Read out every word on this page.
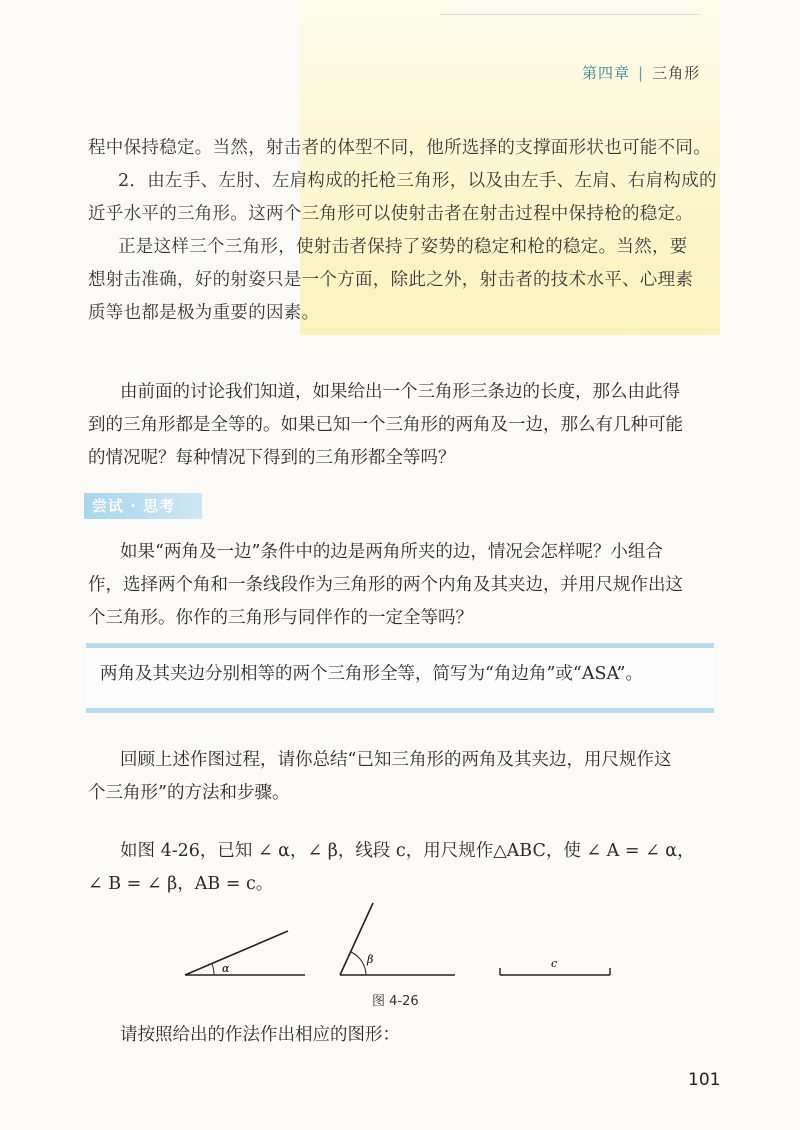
第四章 | 三角形

程中保持稳定。当然，射击者的体型不同，他所选择的支撑面形状也可能不同。

2．由左手、左肘、左肩构成的托枪三角形，以及由左手、左肩、右肩构成的

近乎水平的三角形。这两个三角形可以使射击者在射击过程中保持枪的稳定。

正是这样三个三角形，使射击者保持了姿势的稳定和枪的稳定。当然，要

想射击准确，好的射姿只是一个方面，除此之外，射击者的技术水平、心理素

质等也都是极为重要的因素。

由前面的讨论我们知道，如果给出一个三角形三条边的长度，那么由此得

到的三角形都是全等的。如果已知一个三角形的两角及一边，那么有几种可能

的情况呢？每种情况下得到的三角形都全等吗？

尝试 · 思考

如果“两角及一边”条件中的边是两角所夹的边，情况会怎样呢？小组合

作，选择两个角和一条线段作为三角形的两个内角及其夹边，并用尺规作出这

个三角形。你作的三角形与同伴作的一定全等吗？

两角及其夹边分别相等的两个三角形全等，简写为“角边角”或“ASA”。

回顾上述作图过程，请你总结“已知三角形的两角及其夹边，用尺规作这

个三角形”的方法和步骤。

如图 4-26，已知 ∠ α，∠ β，线段 c，用尺规作△ABC，使 ∠ A = ∠ α，

∠ B = ∠ β，AB = c。

α
β	c
图 4-26

请按照给出的作法作出相应的图形：

101
